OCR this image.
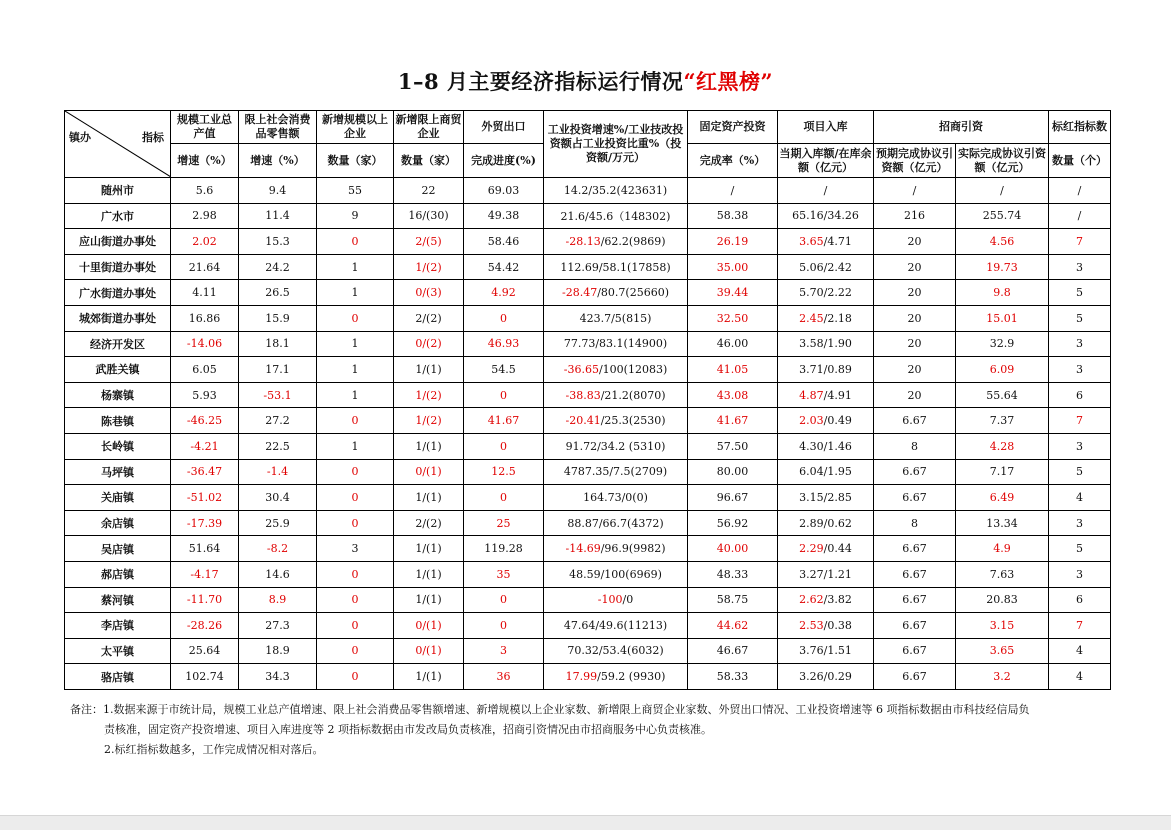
1–8 月主要经济指标运行情况“红黑榜”
指标
镇办	规模工业总产值	限上社会消费品零售额	新增规模以上企业	新增限上商贸企业	外贸出口	工业投资增速%/工业技改投资额占工业投资比重%（投资额/万元）	固定资产投资	项目入库	招商引资		标红指标数
	增速（%）	增速（%）	数量（家）	数量（家）	完成进度(%)		完成率（%）	当期入库额/在库余额（亿元）	预期完成协议引资额（亿元）	实际完成协议引资额（亿元）	数量（个）
随州市	5.6	9.4	55	22	69.03	14.2/35.2(423631)	/	/	/	/	/
广水市	2.98	11.4	9	16/(30)	49.38	21.6/45.6（148302)	58.38	65.16/34.26	216	255.74	/
应山街道办事处	2.02	15.3	0	2/(5)	58.46	-28.13/62.2(9869)	26.19	3.65/4.71	20	4.56	7
十里街道办事处	21.64	24.2	1	1/(2)	54.42	112.69/58.1(17858)	35.00	5.06/2.42	20	19.73	3
广水街道办事处	4.11	26.5	1	0/(3)	4.92	-28.47/80.7(25660)	39.44	5.70/2.22	20	9.8	5
城郊街道办事处	16.86	15.9	0	2/(2)	0	423.7/5(815)	32.50	2.45/2.18	20	15.01	5
经济开发区	-14.06	18.1	1	0/(2)	46.93	77.73/83.1(14900)	46.00	3.58/1.90	20	32.9	3
武胜关镇	6.05	17.1	1	1/(1)	54.5	-36.65/100(12083)	41.05	3.71/0.89	20	6.09	3
杨寨镇	5.93	-53.1	1	1/(2)	0	-38.83/21.2(8070)	43.08	4.87/4.91	20	55.64	6
陈巷镇	-46.25	27.2	0	1/(2)	41.67	-20.41/25.3(2530)	41.67	2.03/0.49	6.67	7.37	7
长岭镇	-4.21	22.5	1	1/(1)	0	91.72/34.2 (5310)	57.50	4.30/1.46	8	4.28	3
马坪镇	-36.47	-1.4	0	0/(1)	12.5	4787.35/7.5(2709)	80.00	6.04/1.95	6.67	7.17	5
关庙镇	-51.02	30.4	0	1/(1)	0	164.73/0(0)	96.67	3.15/2.85	6.67	6.49	4
余店镇	-17.39	25.9	0	2/(2)	25	88.87/66.7(4372)	56.92	2.89/0.62	8	13.34	3
吴店镇	51.64	-8.2	3	1/(1)	119.28	-14.69/96.9(9982)	40.00	2.29/0.44	6.67	4.9	5
郝店镇	-4.17	14.6	0	1/(1)	35	48.59/100(6969)	48.33	3.27/1.21	6.67	7.63	3
蔡河镇	-11.70	8.9	0	1/(1)	0	-100/0	58.75	2.62/3.82	6.67	20.83	6
李店镇	-28.26	27.3	0	0/(1)	0	47.64/49.6(11213)	44.62	2.53/0.38	6.67	3.15	7
太平镇	25.64	18.9	0	0/(1)	3	70.32/53.4(6032)	46.67	3.76/1.51	6.67	3.65	4
骆店镇	102.74	34.3	0	1/(1)	36	17.99/59.2 (9930)	58.33	3.26/0.29	6.67	3.2	4
备注：1.数据来源于市统计局，规模工业总产值增速、限上社会消费品零售额增速、新增规模以上企业家数、新增限上商贸企业家数、外贸出口情况、工业投资增速等 6 项指标数据由市科技经信局负
责核准，固定资产投资增速、项目入库进度等 2 项指标数据由市发改局负责核准，招商引资情况由市招商服务中心负责核准。
2.标红指标数越多，工作完成情况相对落后。
